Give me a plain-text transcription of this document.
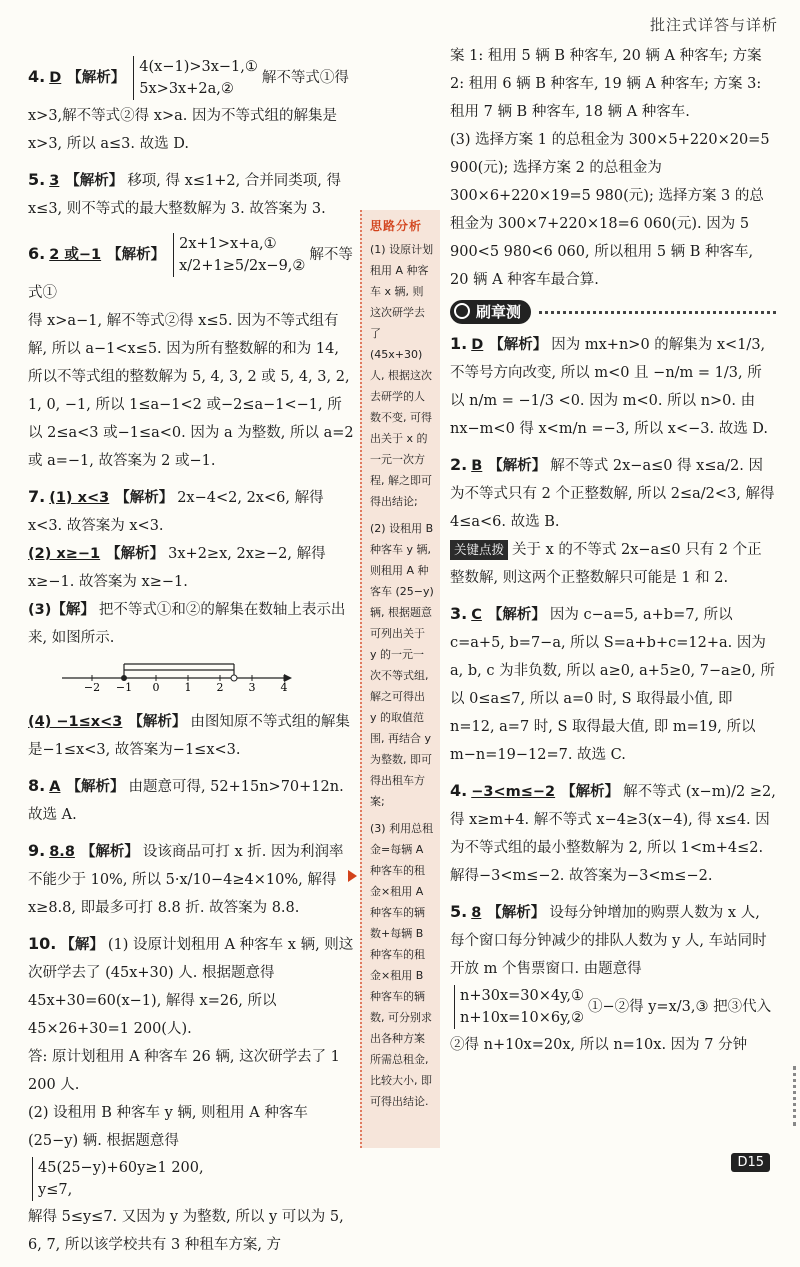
批注式详答与详析
4. D 【解析】
4(x−1)>3x−1,①
5x>3x+2a,②
解不等式①得

x>3,解不等式②得 x>a. 因为不等式组的解集是 x>3, 所以 a≤3. 故选 D.

5. 3 【解析】 移项, 得 x≤1+2, 合并同类项, 得 x≤3, 则不等式的最大整数解为 3. 故答案为 3.
6. 2 或−1 【解析】
2x+1>x+a,①
x/2+1≥5/2x−9,②
解不等式①

得 x>a−1, 解不等式②得 x≤5. 因为不等式组有解, 所以 a−1<x≤5. 因为所有整数解的和为 14, 所以不等式组的整数解为 5, 4, 3, 2 或 5, 4, 3, 2, 1, 0, −1, 所以 1≤a−1<2 或−2≤a−1<−1, 所以 2≤a<3 或−1≤a<0. 因为 a 为整数, 所以 a=2 或 a=−1, 故答案为 2 或−1.

7. (1) x<3 【解析】 2x−4<2, 2x<6, 解得 x<3. 故答案为 x<3.

(2) x≥−1 【解析】 3x+2≥x, 2x≥−2, 解得 x≥−1. 故答案为 x≥−1.

(3)【解】 把不等式①和②的解集在数轴上表示出来, 如图所示.

−2 −1 0 1 2 3 4

(4) −1≤x<3 【解析】 由图知原不等式组的解集是−1≤x<3, 故答案为−1≤x<3.

8. A 【解析】 由题意可得, 52+15n>70+12n. 故选 A.
9. 8.8 【解析】 设该商品可打 x 折. 因为利润率不能少于 10%, 所以 5·x/10−4≥4×10%, 解得 x≥8.8, 即最多可打 8.8 折. 故答案为 8.8.
10. 【解】 (1) 设原计划租用 A 种客车 x 辆, 则这次研学去了 (45x+30) 人. 根据题意得 45x+30=60(x−1), 解得 x=26, 所以 45×26+30=1 200(人).

答: 原计划租用 A 种客车 26 辆, 这次研学去了 1 200 人.

(2) 设租用 B 种客车 y 辆, 则租用 A 种客车 (25−y) 辆. 根据题意得
45(25−y)+60y≥1 200,
y≤7,

解得 5≤y≤7. 又因为 y 为整数, 所以 y 可以为 5, 6, 7, 所以该学校共有 3 种租车方案, 方

思路分析

(1) 设原计划租用 A 种客车 x 辆, 则这次研学去了 (45x+30) 人, 根据这次去研学的人数不变, 可得出关于 x 的一元一次方程, 解之即可得出结论;

(2) 设租用 B 种客车 y 辆, 则租用 A 种客车 (25−y) 辆, 根据题意可列出关于 y 的一元一次不等式组, 解之可得出 y 的取值范围, 再结合 y 为整数, 即可得出租车方案;

(3) 利用总租金=每辆 A 种客车的租金×租用 A 种客车的辆数+每辆 B 种客车的租金×租用 B 种客车的辆数, 可分别求出各种方案所需总租金, 比较大小, 即可得出结论.

案 1: 租用 5 辆 B 种客车, 20 辆 A 种客车; 方案 2: 租用 6 辆 B 种客车, 19 辆 A 种客车; 方案 3: 租用 7 辆 B 种客车, 18 辆 A 种客车.

(3) 选择方案 1 的总租金为 300×5+220×20=5 900(元); 选择方案 2 的总租金为 300×6+220×19=5 980(元); 选择方案 3 的总租金为 300×7+220×18=6 060(元). 因为 5 900<5 980<6 060, 所以租用 5 辆 B 种客车, 20 辆 A 种客车最合算.

刷章测
1. D 【解析】 因为 mx+n>0 的解集为 x<1/3, 不等号方向改变, 所以 m<0 且 −n/m = 1/3, 所以 n/m = −1/3 <0. 因为 m<0. 所以 n>0. 由 nx−m<0 得 x<m/n =−3, 所以 x<−3. 故选 D.
2. B 【解析】 解不等式 2x−a≤0 得 x≤a/2. 因为不等式只有 2 个正整数解, 所以 2≤a/2<3, 解得 4≤a<6. 故选 B.

关键点拨 关于 x 的不等式 2x−a≤0 只有 2 个正整数解, 则这两个正整数解只可能是 1 和 2.

3. C 【解析】 因为 c−a=5, a+b=7, 所以 c=a+5, b=7−a, 所以 S=a+b+c=12+a. 因为 a, b, c 为非负数, 所以 a≥0, a+5≥0, 7−a≥0, 所以 0≤a≤7, 所以 a=0 时, S 取得最小值, 即 n=12, a=7 时, S 取得最大值, 即 m=19, 所以 m−n=19−12=7. 故选 C.
4. −3<m≤−2 【解析】 解不等式 (x−m)/2 ≥2, 得 x≥m+4. 解不等式 x−4≥3(x−4), 得 x≤4. 因为不等式组的最小整数解为 2, 所以 1<m+4≤2. 解得−3<m≤−2. 故答案为−3<m≤−2.
5. 8 【解析】 设每分钟增加的购票人数为 x 人, 每个窗口每分钟减少的排队人数为 y 人, 车站同时开放 m 个售票窗口. 由题意得

n+30x=30×4y,①
n+10x=10×6y,②
①−②得 y=x/3,③ 把③代入②得 n+10x=20x, 所以 n=10x. 因为 7 分钟

D15
